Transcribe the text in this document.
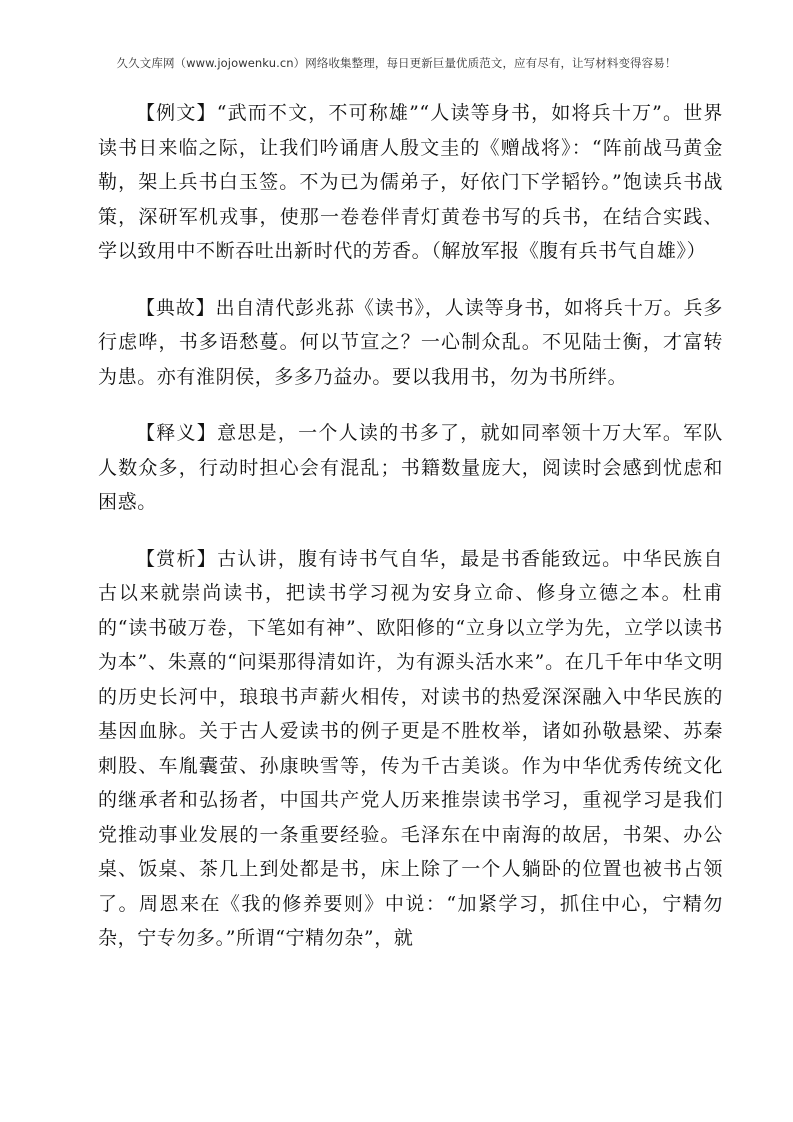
久久文库网（www.jojowenku.cn）网络收集整理，每日更新巨量优质范文，应有尽有，让写材料变得容易！

【例文】“武而不文，不可称雄”“人读等身书，如将兵十万”。世界读书日来临之际，让我们吟诵唐人殷文圭的《赠战将》：“阵前战马黄金勒，架上兵书白玉签。不为已为儒弟子，好依门下学韬钤。”饱读兵书战策，深研军机戎事，使那一卷卷伴青灯黄卷书写的兵书，在结合实践、学以致用中不断吞吐出新时代的芳香。（解放军报《腹有兵书气自雄》）

【典故】出自清代彭兆荪《读书》，人读等身书，如将兵十万。兵多行虑哗，书多语愁蔓。何以节宣之？一心制众乱。不见陆士衡，才富转为患。亦有淮阴侯，多多乃益办。要以我用书，勿为书所绊。

【释义】意思是，一个人读的书多了，就如同率领十万大军。军队人数众多，行动时担心会有混乱；书籍数量庞大，阅读时会感到忧虑和困惑。

【赏析】古认讲，腹有诗书气自华，最是书香能致远。中华民族自古以来就崇尚读书，把读书学习视为安身立命、修身立德之本。杜甫的“读书破万卷，下笔如有神”、欧阳修的“立身以立学为先，立学以读书为本”、朱熹的“问渠那得清如许，为有源头活水来”。在几千年中华文明的历史长河中，琅琅书声薪火相传，对读书的热爱深深融入中华民族的基因血脉。关于古人爱读书的例子更是不胜枚举，诸如孙敬悬梁、苏秦刺股、车胤囊萤、孙康映雪等，传为千古美谈。作为中华优秀传统文化的继承者和弘扬者，中国共产党人历来推崇读书学习，重视学习是我们党推动事业发展的一条重要经验。毛泽东在中南海的故居，书架、办公桌、饭桌、茶几上到处都是书，床上除了一个人躺卧的位置也被书占领了。周恩来在《我的修养要则》中说：“加紧学习，抓住中心，宁精勿杂，宁专勿多。”所谓“宁精勿杂”，就
